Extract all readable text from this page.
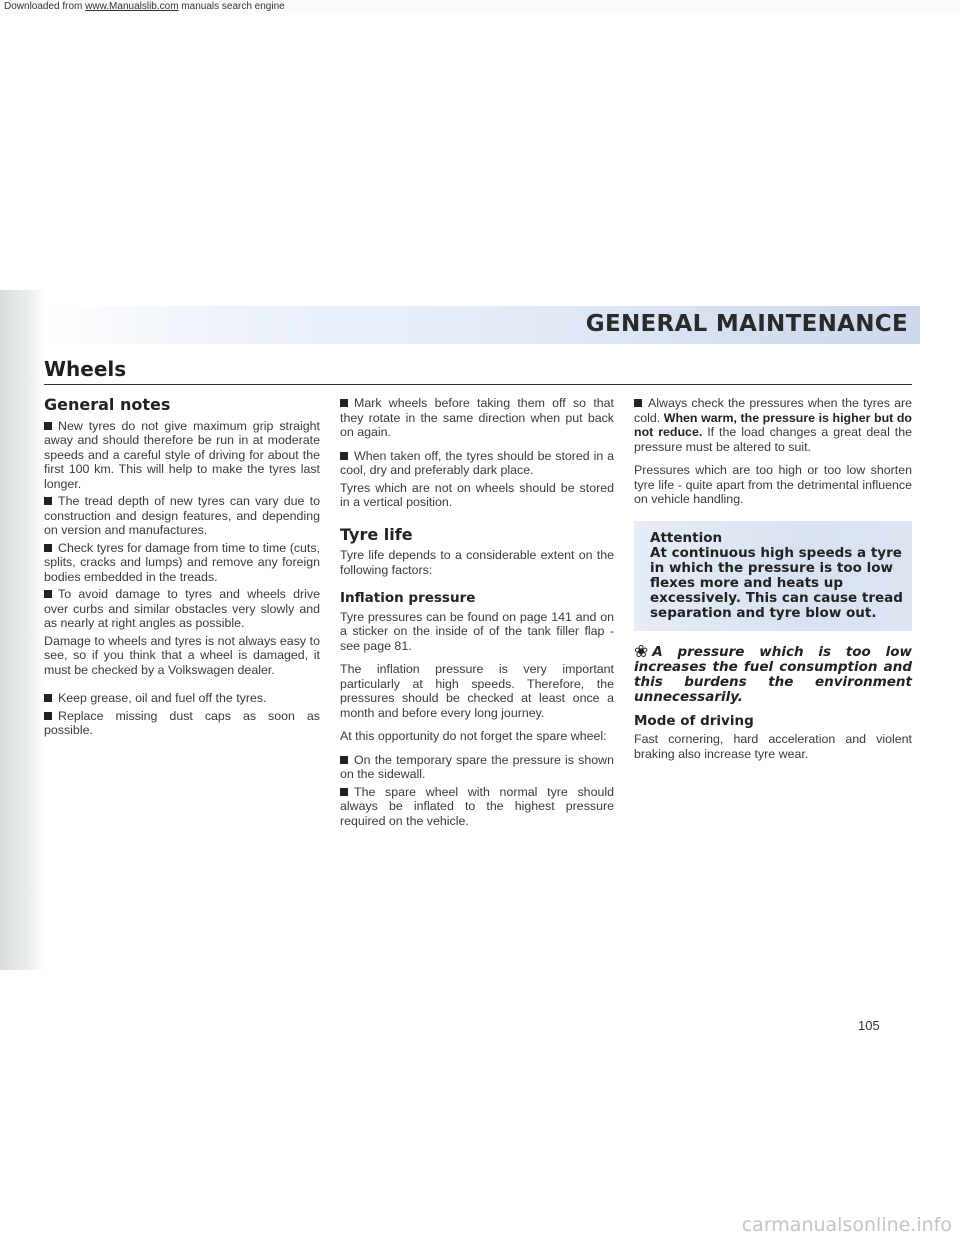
Downloaded from www.Manualslib.com manuals search engine
GENERAL MAINTENANCE
Wheels
General notes

New tyres do not give maximum grip straight away and should therefore be run in at moderate speeds and a careful style of driving for about the first 100 km. This will help to make the tyres last longer.

The tread depth of new tyres can vary due to construction and design features, and depending on version and manufactures.

Check tyres for damage from time to time (cuts, splits, cracks and lumps) and remove any foreign bodies embedded in the treads.

To avoid damage to tyres and wheels drive over curbs and similar obstacles very slowly and as nearly at right angles as possible.

Damage to wheels and tyres is not always easy to see, so if you think that a wheel is damaged, it must be checked by a Volkswagen dealer.

Keep grease, oil and fuel off the tyres.

Replace missing dust caps as soon as possible.

Mark wheels before taking them off so that they rotate in the same direction when put back on again.

When taken off, the tyres should be stored in a cool, dry and preferably dark place.

Tyres which are not on wheels should be stored in a vertical position.

Tyre life

Tyre life depends to a considerable extent on the following factors:

Inflation pressure

Tyre pressures can be found on page 141 and on a sticker on the inside of of the tank filler flap - see page 81.

The inflation pressure is very important particularly at high speeds. Therefore, the pressures should be checked at least once a month and before every long journey.

At this opportunity do not forget the spare wheel:

On the temporary spare the pressure is shown on the sidewall.

The spare wheel with normal tyre should always be inflated to the highest pressure required on the vehicle.

Always check the pressures when the tyres are cold. When warm, the pressure is higher but do not reduce. If the load changes a great deal the pressure must be altered to suit.

Pressures which are too high or too low shorten tyre life - quite apart from the detrimental influence on vehicle handling.

Attention
At continuous high speeds a tyre in which the pressure is too low flexes more and heats up excessively. This can cause tread separation and tyre blow out.

❀ A pressure which is too low increases the fuel consumption and this burdens the environment unnecessarily.

Mode of driving

Fast cornering, hard acceleration and violent braking also increase tyre wear.

105
carmanualsonline.info
